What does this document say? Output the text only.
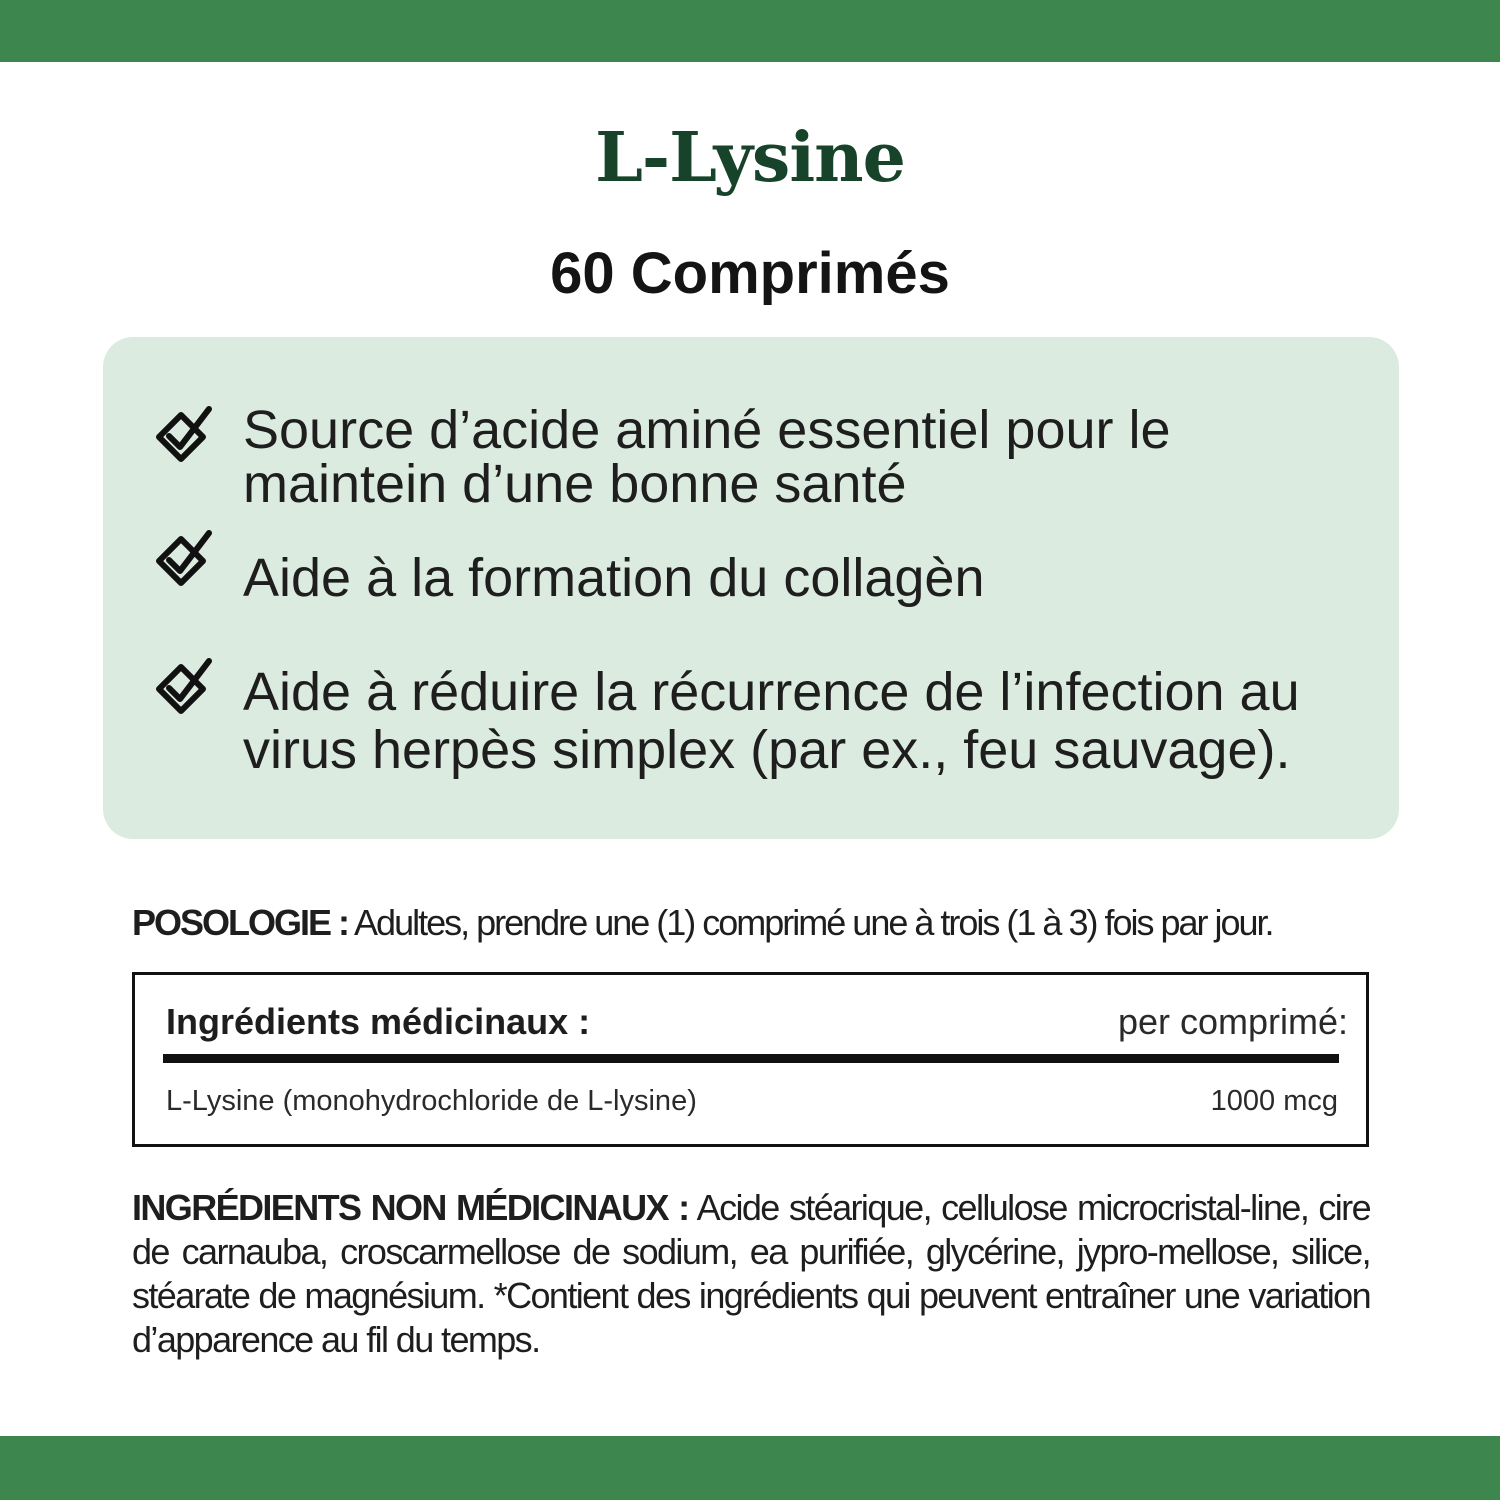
L-Lysine
60 Comprimés
Source d’acide aminé essentiel pour le
maintein d’une bonne santé
Aide à la formation du collagèn
Aide à réduire la récurrence de l’infection au
virus herpès simplex (par ex., feu sauvage).
POSOLOGIE : Adultes, prendre une (1) comprimé une à trois (1 à 3) fois par jour.
Ingrédients médicinaux :	per comprimé:
L-Lysine (monohydrochloride de L-lysine)	1000 mcg
INGRÉDIENTS NON MÉDICINAUX : Acide stéarique, cellulose microcristal-line, cire de carnauba, croscarmellose de sodium, ea purifiée, glycérine, jypro-mellose, silice, stéarate de magnésium. *Contient des ingrédients qui peuvent entraîner une variation d’apparence au fil du temps.
